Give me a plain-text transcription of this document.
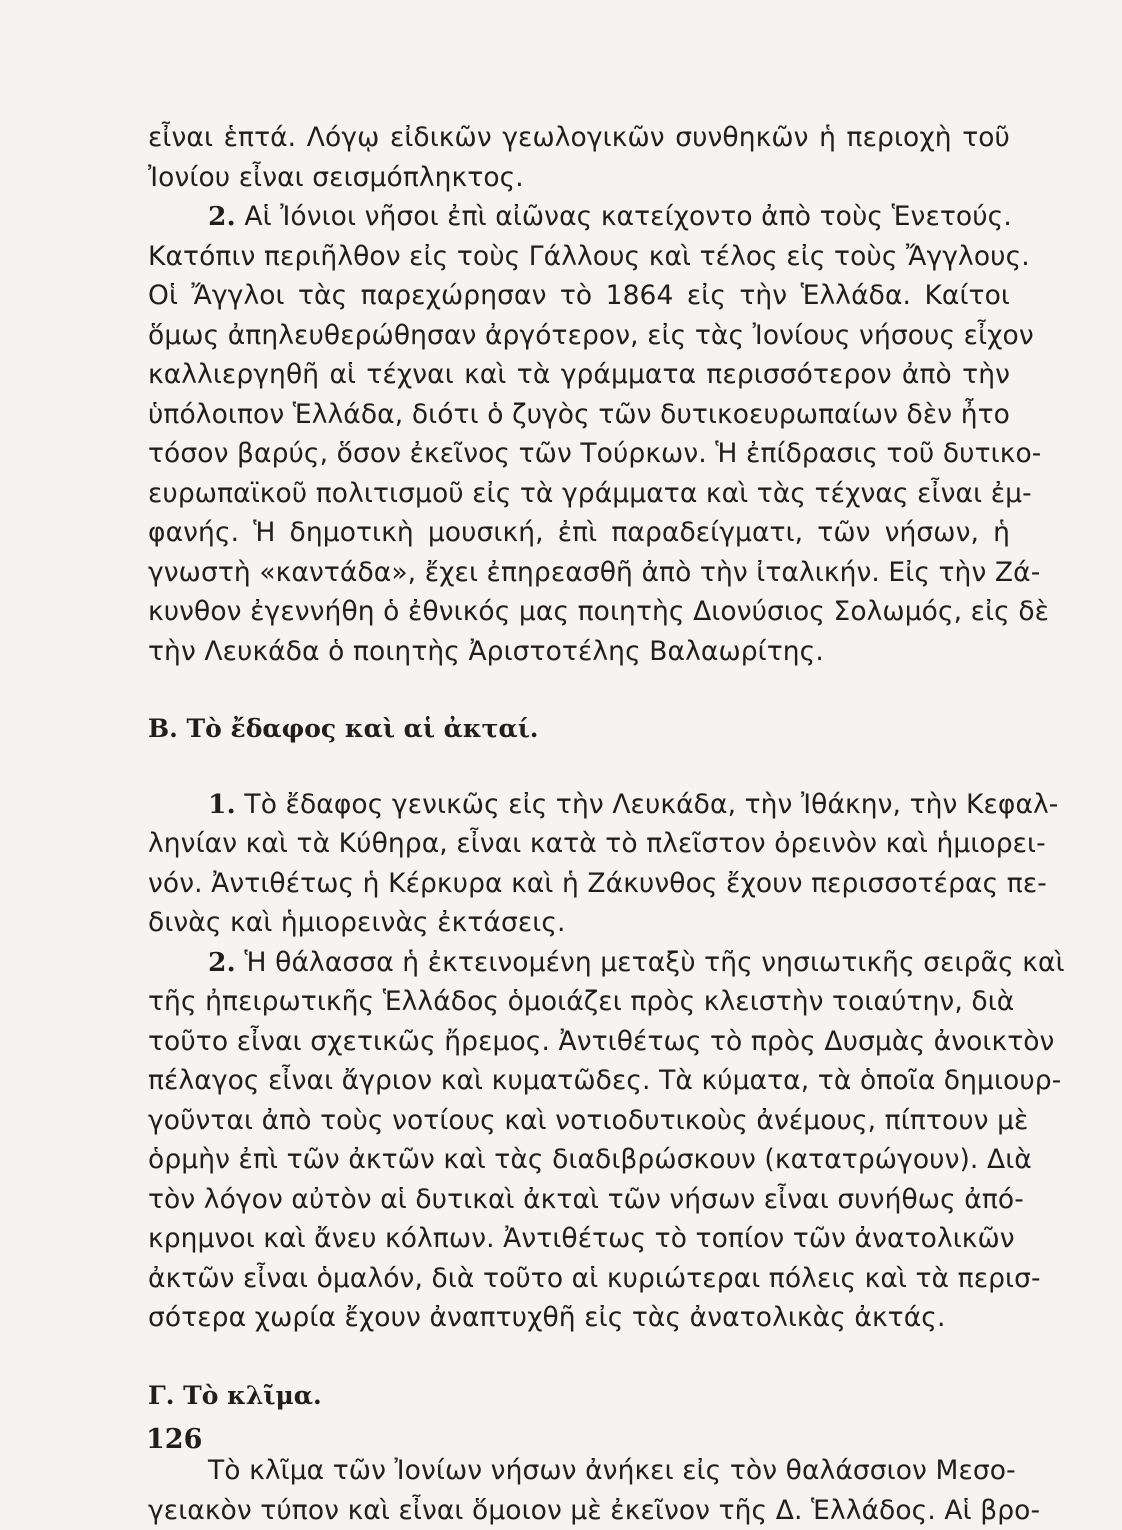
εἶναι ἑπτά. Λόγῳ εἰδικῶν γεωλογικῶν συνθηκῶν ἡ περιοχὴ τοῦ
Ἰονίου εἶναι σεισμόπληκτος.
2. Αἱ Ἰόνιοι νῆσοι ἐπὶ αἰῶνας κατείχοντο ἀπὸ τοὺς Ἑνετούς.
Κατόπιν περιῆλθον εἰς τοὺς Γάλλους καὶ τέλος εἰς τοὺς Ἄγγλους.
Οἱ Ἄγγλοι τὰς παρεχώρησαν τὸ 1864 εἰς τὴν Ἑλλάδα. Καίτοι
ὅμως ἀπηλευθερώθησαν ἀργότερον, εἰς τὰς Ἰονίους νήσους εἶχον
καλλιεργηθῆ αἱ τέχναι καὶ τὰ γράμματα περισσότερον ἀπὸ τὴν
ὑπόλοιπον Ἑλλάδα, διότι ὁ ζυγὸς τῶν δυτικοευρωπαίων δὲν ἦτο
τόσον βαρύς, ὅσον ἐκεῖνος τῶν Τούρκων. Ἡ ἐπίδρασις τοῦ δυτικο-
ευρωπαϊκοῦ πολιτισμοῦ εἰς τὰ γράμματα καὶ τὰς τέχνας εἶναι ἐμ-
φανής. Ἡ δημοτικὴ μουσική, ἐπὶ παραδείγματι, τῶν νήσων, ἡ
γνωστὴ «καντάδα», ἔχει ἐπηρεασθῆ ἀπὸ τὴν ἰταλικήν. Εἰς τὴν Ζά-
κυνθον ἐγεννήθη ὁ ἐθνικός μας ποιητὴς Διονύσιος Σολωμός, εἰς δὲ
τὴν Λευκάδα ὁ ποιητὴς Ἀριστοτέλης Βαλαωρίτης.
Β. Τὸ ἔδαφος καὶ αἱ ἀκταί.
1. Τὸ ἔδαφος γενικῶς εἰς τὴν Λευκάδα, τὴν Ἰθάκην, τὴν Κεφαλ-
ληνίαν καὶ τὰ Κύθηρα, εἶναι κατὰ τὸ πλεῖστον ὀρεινὸν καὶ ἡμιορει-
νόν. Ἀντιθέτως ἡ Κέρκυρα καὶ ἡ Ζάκυνθος ἔχουν περισσοτέρας πε-
δινὰς καὶ ἡμιορεινὰς ἐκτάσεις.
2. Ἡ θάλασσα ἡ ἐκτεινομένη μεταξὺ τῆς νησιωτικῆς σειρᾶς καὶ
τῆς ἠπειρωτικῆς Ἑλλάδος ὁμοιάζει πρὸς κλειστὴν τοιαύτην, διὰ
τοῦτο εἶναι σχετικῶς ἤρεμος. Ἀντιθέτως τὸ πρὸς Δυσμὰς ἀνοικτὸν
πέλαγος εἶναι ἄγριον καὶ κυματῶδες. Τὰ κύματα, τὰ ὁποῖα δημιουρ-
γοῦνται ἀπὸ τοὺς νοτίους καὶ νοτιοδυτικοὺς ἀνέμους, πίπτουν μὲ
ὁρμὴν ἐπὶ τῶν ἀκτῶν καὶ τὰς διαδιβρώσκουν (κατατρώγουν). Διὰ
τὸν λόγον αὐτὸν αἱ δυτικαὶ ἀκταὶ τῶν νήσων εἶναι συνήθως ἀπό-
κρημνοι καὶ ἄνευ κόλπων. Ἀντιθέτως τὸ τοπίον τῶν ἀνατολικῶν
ἀκτῶν εἶναι ὁμαλόν, διὰ τοῦτο αἱ κυριώτεραι πόλεις καὶ τὰ περισ-
σότερα χωρία ἔχουν ἀναπτυχθῆ εἰς τὰς ἀνατολικὰς ἀκτάς.
Γ. Τὸ κλῖμα.
Τὸ κλῖμα τῶν Ἰονίων νήσων ἀνήκει εἰς τὸν θαλάσσιον Μεσο-
γειακὸν τύπον καὶ εἶναι ὅμοιον μὲ ἐκεῖνον τῆς Δ. Ἑλλάδος. Αἱ βρο-
126
